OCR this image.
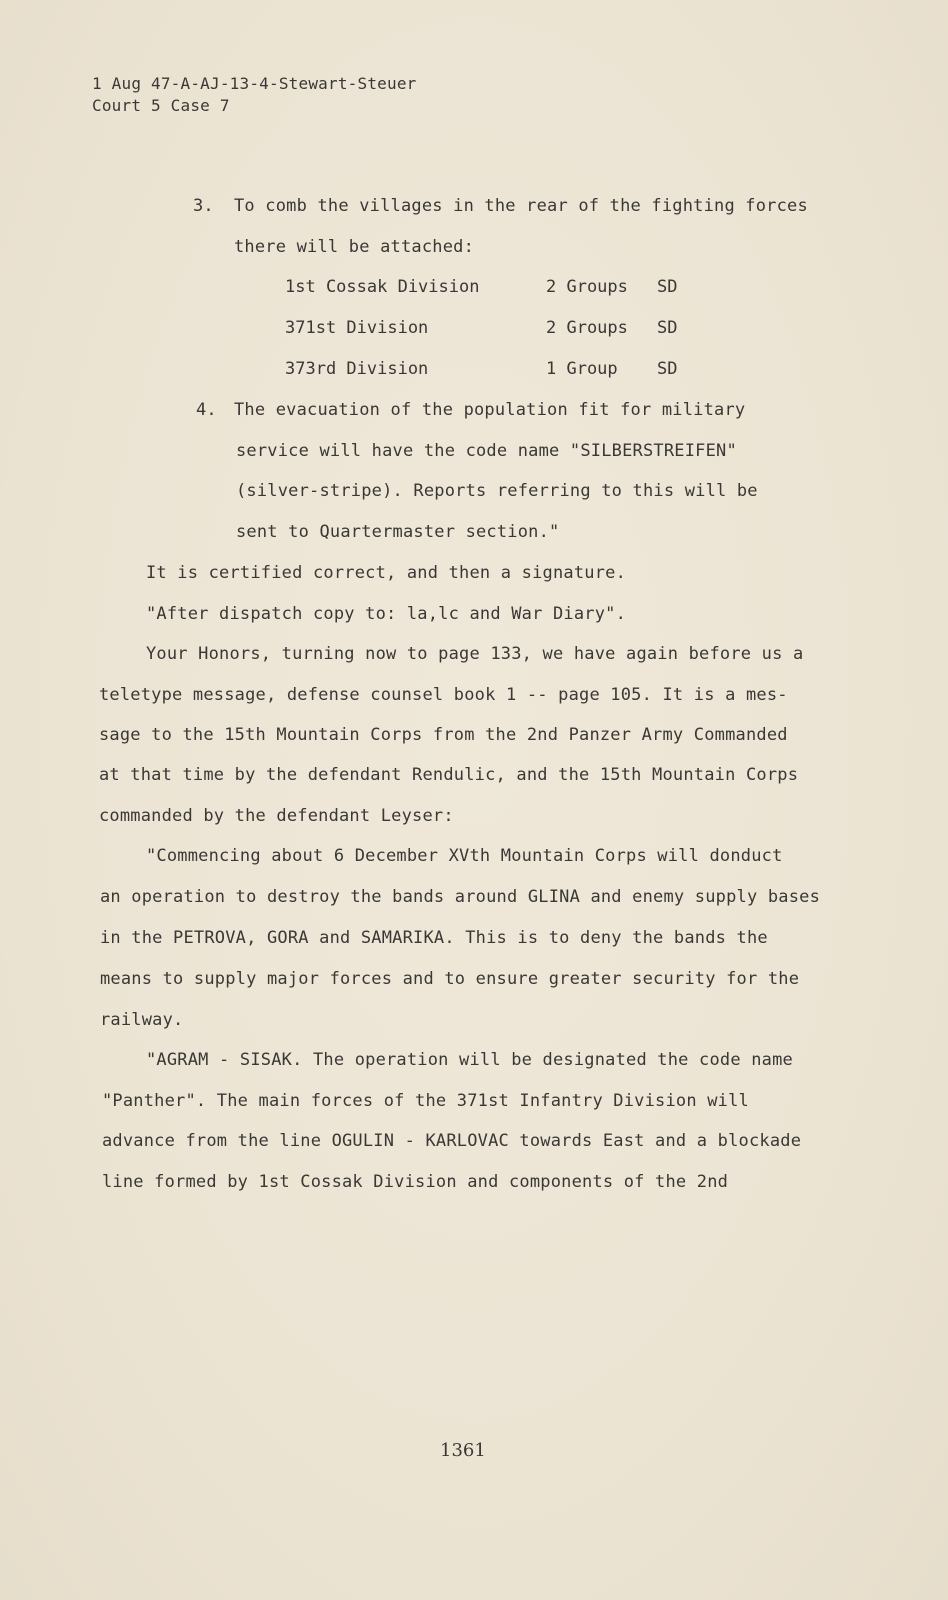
1 Aug 47-A-AJ-13-4-Stewart-Steuer
Court 5 Case 7
3. To comb the villages in the rear of the fighting forces
there will be attached:
1st Cossak Division	2 Groups SD
371st Division	2 Groups SD
373rd Division	1 Group SD
4. The evacuation of the population fit for military
service will have the code name "SILBERSTREIFEN"
(silver-stripe). Reports referring to this will be
sent to Quartermaster section."
It is certified correct, and then a signature.
"After dispatch copy to: la,lc and War Diary".
Your Honors, turning now to page 133, we have again before us a
teletype message, defense counsel book 1 -- page 105. It is a mes-
sage to the 15th Mountain Corps from the 2nd Panzer Army Commanded
at that time by the defendant Rendulic, and the 15th Mountain Corps
commanded by the defendant Leyser:
"Commencing about 6 December XVth Mountain Corps will donduct
an operation to destroy the bands around GLINA and enemy supply bases
in the PETROVA, GORA and SAMARIKA. This is to deny the bands the
means to supply major forces and to ensure greater security for the
railway.
"AGRAM - SISAK. The operation will be designated the code name
"Panther". The main forces of the 371st Infantry Division will
advance from the line OGULIN - KARLOVAC towards East and a blockade
line formed by 1st Cossak Division and components of the 2nd
1361
